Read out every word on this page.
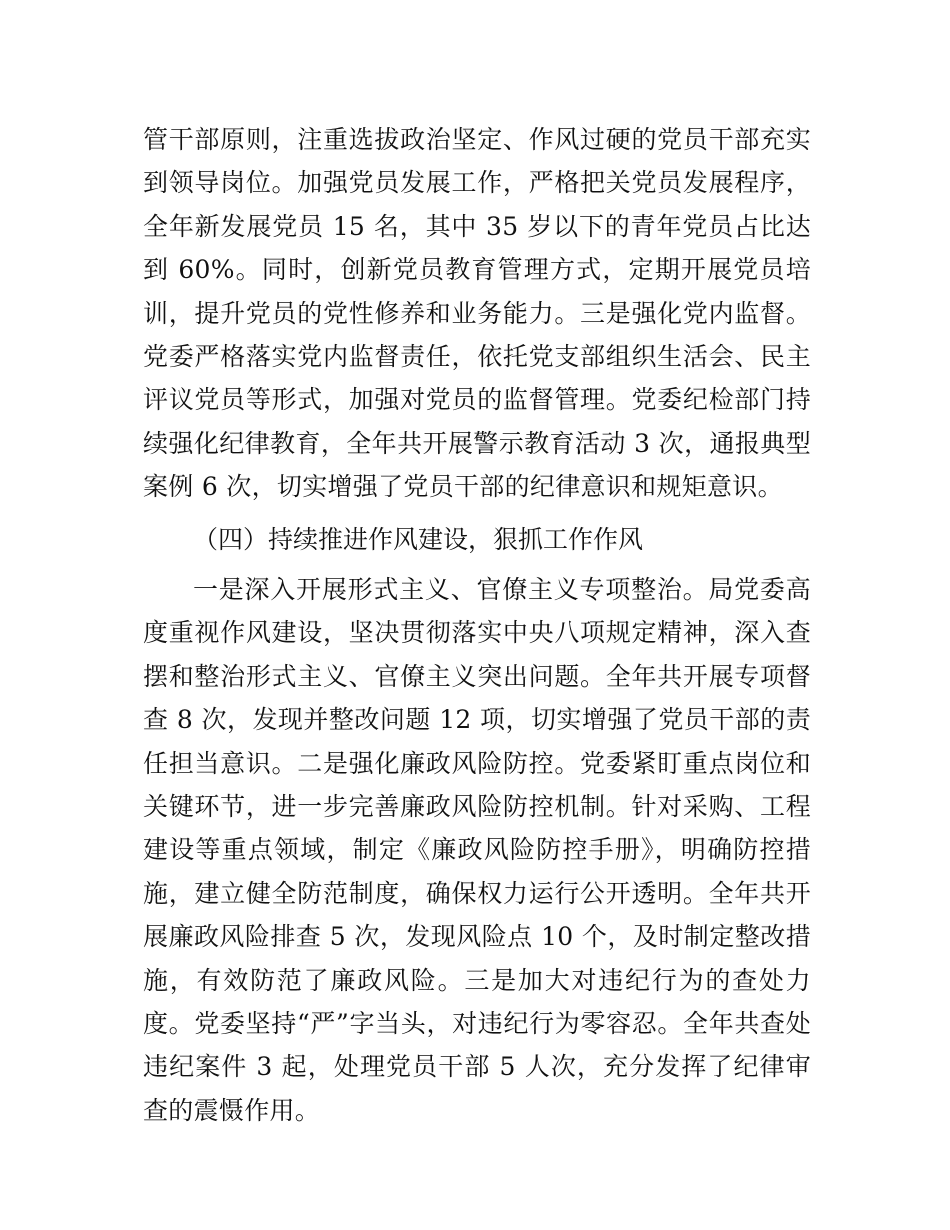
管干部原则，注重选拔政治坚定、作风过硬的党员干部充实到领导岗位。加强党员发展工作，严格把关党员发展程序，全年新发展党员 15 名，其中 35 岁以下的青年党员占比达到 60%。同时，创新党员教育管理方式，定期开展党员培训，提升党员的党性修养和业务能力。三是强化党内监督。党委严格落实党内监督责任，依托党支部组织生活会、民主评议党员等形式，加强对党员的监督管理。党委纪检部门持续强化纪律教育，全年共开展警示教育活动 3 次，通报典型案例 6 次，切实增强了党员干部的纪律意识和规矩意识。

（四）持续推进作风建设，狠抓工作作风

一是深入开展形式主义、官僚主义专项整治。局党委高度重视作风建设，坚决贯彻落实中央八项规定精神，深入查摆和整治形式主义、官僚主义突出问题。全年共开展专项督查 8 次，发现并整改问题 12 项，切实增强了党员干部的责任担当意识。二是强化廉政风险防控。党委紧盯重点岗位和关键环节，进一步完善廉政风险防控机制。针对采购、工程建设等重点领域，制定《廉政风险防控手册》，明确防控措施，建立健全防范制度，确保权力运行公开透明。全年共开展廉政风险排查 5 次，发现风险点 10 个，及时制定整改措施，有效防范了廉政风险。三是加大对违纪行为的查处力度。党委坚持“严”字当头，对违纪行为零容忍。全年共查处违纪案件 3 起，处理党员干部 5 人次，充分发挥了纪律审查的震慑作用。
